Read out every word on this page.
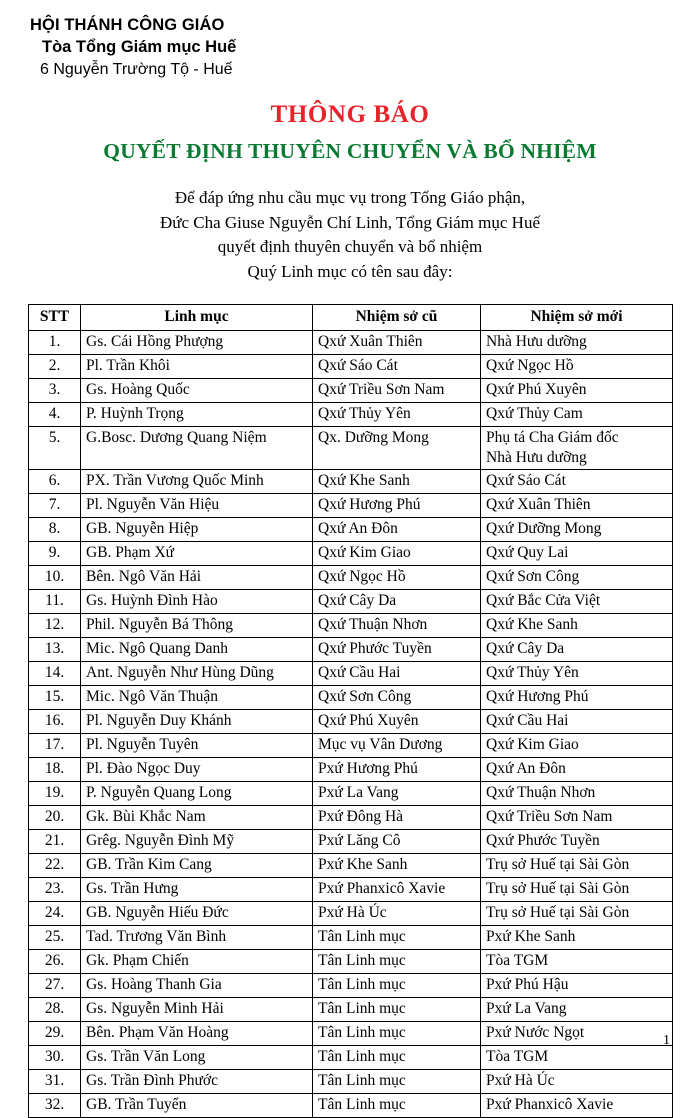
HỘI THÁNH CÔNG GIÁO
Tòa Tổng Giám mục Huế
6 Nguyễn Trường Tộ - Huế
THÔNG BÁO
QUYẾT ĐỊNH THUYÊN CHUYỂN VÀ BỔ NHIỆM
Để đáp ứng nhu cầu mục vụ trong Tổng Giáo phận,
Đức Cha Giuse Nguyễn Chí Linh, Tổng Giám mục Huế
quyết định thuyên chuyển và bổ nhiệm
Quý Linh mục có tên sau đây:
STT	Linh mục	Nhiệm sở cũ	Nhiệm sở mới
1.	Gs. Cái Hồng Phượng	Qxứ Xuân Thiên	Nhà Hưu dưỡng
2.	Pl. Trần Khôi	Qxứ Sáo Cát	Qxứ Ngọc Hồ
3.	Gs. Hoàng Quốc	Qxứ Triều Sơn Nam	Qxứ Phú Xuyên
4.	P. Huỳnh Trọng	Qxứ Thủy Yên	Qxứ Thủy Cam
5.	G.Bosc. Dương Quang Niệm	Qx. Dưỡng Mong	Phụ tá Cha Giám đốc
Nhà Hưu dưỡng

6.	PX. Trần Vương Quốc Minh	Qxứ Khe Sanh	Qxứ Sáo Cát
7.	Pl. Nguyễn Văn Hiệu	Qxứ Hương Phú	Qxứ Xuân Thiên
8.	GB. Nguyễn Hiệp	Qxứ An Đôn	Qxứ Dưỡng Mong
9.	GB. Phạm Xứ	Qxứ Kim Giao	Qxứ Quy Lai
10.	Bên. Ngô Văn Hải	Qxứ Ngọc Hồ	Qxứ Sơn Công
11.	Gs. Huỳnh Đình Hào	Qxứ Cây Da	Qxứ Bắc Cửa Việt
12.	Phil. Nguyễn Bá Thông	Qxứ Thuận Nhơn	Qxứ Khe Sanh
13.	Mic. Ngô Quang Danh	Qxứ Phước Tuyền	Qxứ Cây Da
14.	Ant. Nguyễn Như Hùng Dũng	Qxứ Cầu Hai	Qxứ Thủy Yên
15.	Mic. Ngô Văn Thuận	Qxứ Sơn Công	Qxứ Hương Phú
16.	Pl. Nguyễn Duy Khánh	Qxứ Phú Xuyên	Qxứ Cầu Hai
17.	Pl. Nguyễn Tuyên	Mục vụ Vân Dương	Qxứ Kim Giao
18.	Pl. Đào Ngọc Duy	Pxứ Hương Phú	Qxứ An Đôn
19.	P. Nguyễn Quang Long	Pxứ La Vang	Qxứ Thuận Nhơn
20.	Gk. Bùi Khắc Nam	Pxứ Đông Hà	Qxứ Triều Sơn Nam
21.	Grêg. Nguyễn Đình Mỹ	Pxứ Lăng Cô	Qxứ Phước Tuyền
22.	GB. Trần Kim Cang	Pxứ Khe Sanh	Trụ sở Huế tại Sài Gòn
23.	Gs. Trần Hưng	Pxứ Phanxicô Xavie	Trụ sở Huế tại Sài Gòn
24.	GB. Nguyễn Hiếu Đức	Pxứ Hà Úc	Trụ sở Huế tại Sài Gòn
25.	Tad. Trương Văn Bình	Tân Linh mục	Pxứ Khe Sanh
26.	Gk. Phạm Chiến	Tân Linh mục	Tòa TGM
27.	Gs. Hoàng Thanh Gia	Tân Linh mục	Pxứ Phú Hậu
28.	Gs. Nguyễn Minh Hải	Tân Linh mục	Pxứ La Vang
29.	Bên. Phạm Văn Hoàng	Tân Linh mục	Pxứ Nước Ngọt
30.	Gs. Trần Văn Long	Tân Linh mục	Tòa TGM
31.	Gs. Trần Đình Phước	Tân Linh mục	Pxứ Hà Úc
32.	GB. Trần Tuyển	Tân Linh mục	Pxứ Phanxicô Xavie
1
